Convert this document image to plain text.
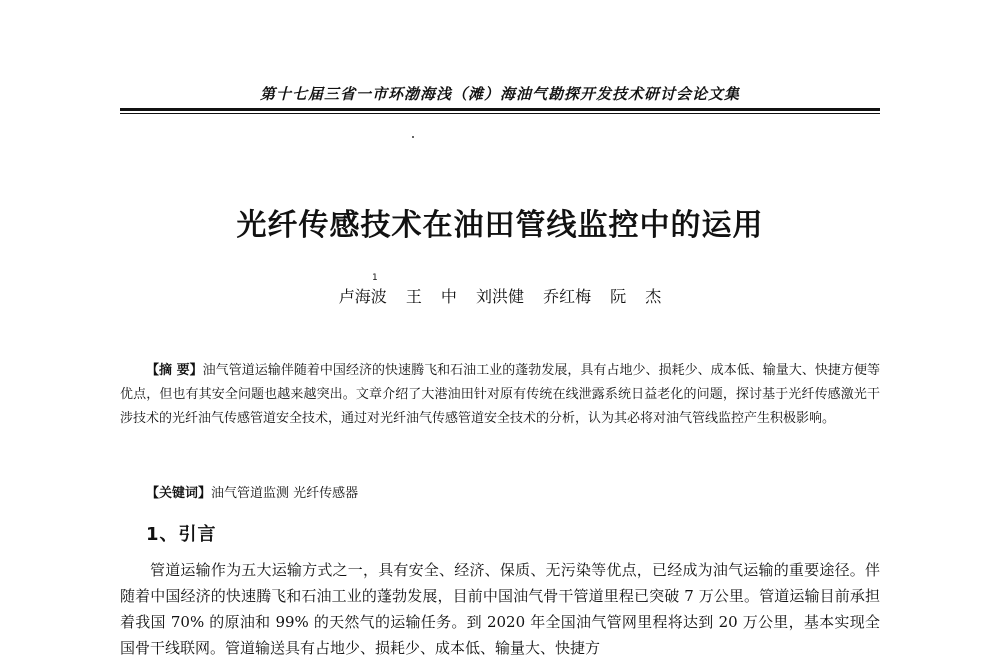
第十七届三省一市环渤海浅（滩）海油气勘探开发技术研讨会论文集
光纤传感技术在油田管线监控中的运用
1
卢海波 王 中 刘洪健 乔红梅 阮 杰
【摘 要】油气管道运输伴随着中国经济的快速腾飞和石油工业的蓬勃发展，具有占地少、损耗少、成本低、输量大、快捷方便等优点，但也有其安全问题也越来越突出。文章介绍了大港油田针对原有传统在线泄露系统日益老化的问题，探讨基于光纤传感激光干涉技术的光纤油气传感管道安全技术，通过对光纤油气传感管道安全技术的分析，认为其必将对油气管线监控产生积极影响。
【关键词】油气管道监测 光纤传感器
1、引言
管道运输作为五大运输方式之一，具有安全、经济、保质、无污染等优点，已经成为油气运输的重要途径。伴随着中国经济的快速腾飞和石油工业的蓬勃发展，目前中国油气骨干管道里程已突破 7 万公里。管道运输目前承担着我国 70% 的原油和 99% 的天然气的运输任务。到 2020 年全国油气管网里程将达到 20 万公里，基本实现全国骨干线联网。管道输送具有占地少、损耗少、成本低、输量大、快捷方
